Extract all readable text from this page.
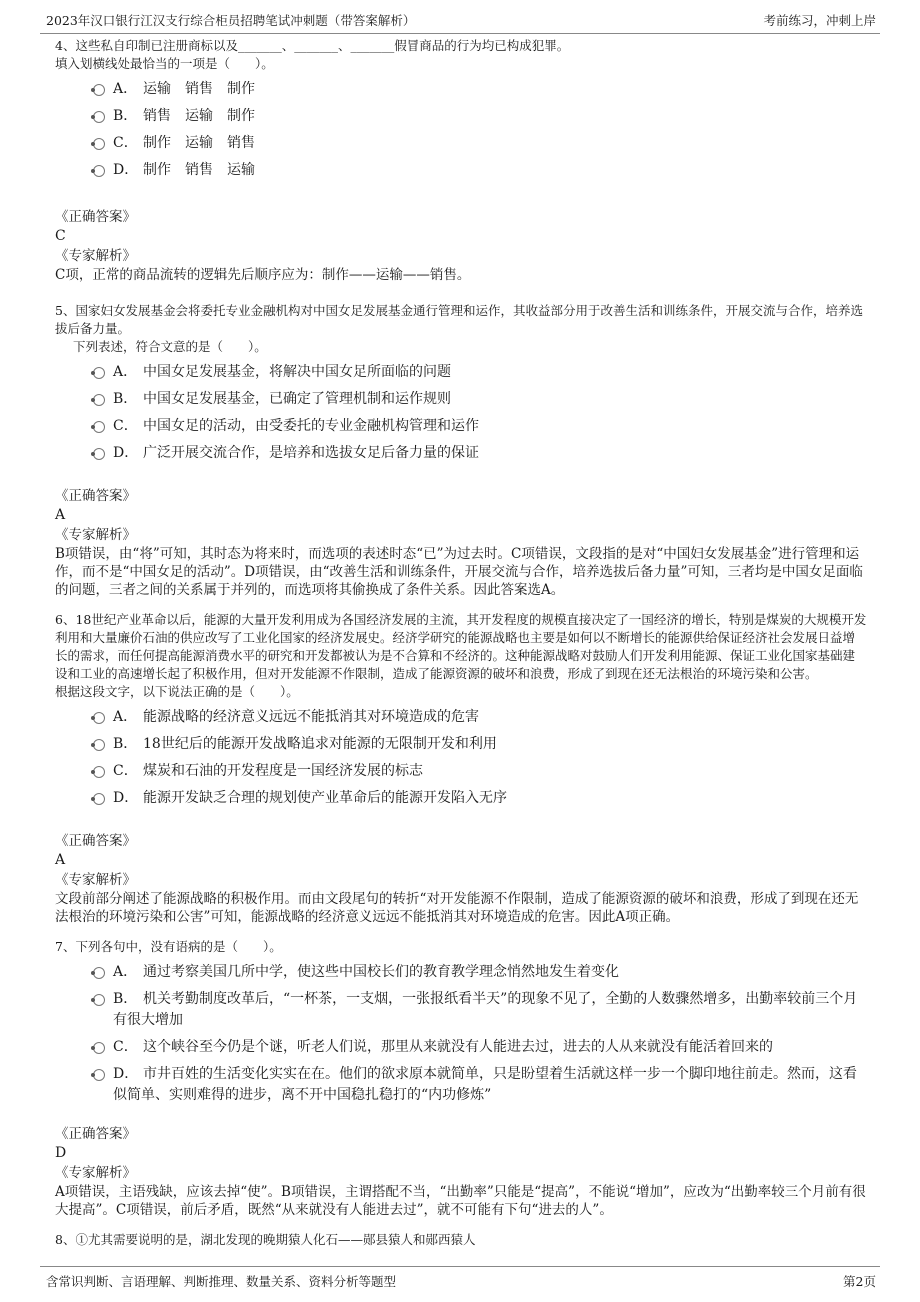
2023年汉口银行江汉支行综合柜员招聘笔试冲刺题（带答案解析）	考前练习，冲刺上岸

4、这些私自印制已注册商标以及_______、_______、_______假冒商品的行为均已构成犯罪。

填入划横线处最恰当的一项是（　　）。

A． 运输　销售　制作
B． 销售　运输　制作
C． 制作　运输　销售
D． 制作　销售　运输

《正确答案》

C

《专家解析》

C项，正常的商品流转的逻辑先后顺序应为：制作——运输——销售。

5、国家妇女发展基金会将委托专业金融机构对中国女足发展基金通行管理和运作，其收益部分用于改善生活和训练条件，开展交流与合作，培养选拔后备力量。

下列表述，符合文意的是（　　）。

A． 中国女足发展基金，将解决中国女足所面临的问题
B． 中国女足发展基金，已确定了管理机制和运作规则
C． 中国女足的活动，由受委托的专业金融机构管理和运作
D． 广泛开展交流合作，是培养和选拔女足后备力量的保证

《正确答案》

A

《专家解析》

B项错误，由“将”可知，其时态为将来时，而选项的表述时态“已”为过去时。C项错误，文段指的是对“中国妇女发展基金”进行管理和运作，而不是“中国女足的活动”。D项错误，由“改善生活和训练条件，开展交流与合作，培养选拔后备力量”可知，三者均是中国女足面临的问题，三者之间的关系属于并列的，而选项将其偷换成了条件关系。因此答案选A。

6、18世纪产业革命以后，能源的大量开发利用成为各国经济发展的主流，其开发程度的规模直接决定了一国经济的增长，特别是煤炭的大规模开发利用和大量廉价石油的供应改写了工业化国家的经济发展史。经济学研究的能源战略也主要是如何以不断增长的能源供给保证经济社会发展日益增长的需求，而任何提高能源消费水平的研究和开发都被认为是不合算和不经济的。这种能源战略对鼓励人们开发利用能源、保证工业化国家基础建设和工业的高速增长起了积极作用，但对开发能源不作限制，造成了能源资源的破坏和浪费，形成了到现在还无法根治的环境污染和公害。

根据这段文字，以下说法正确的是（　　）。

A． 能源战略的经济意义远远不能抵消其对环境造成的危害
B． 18世纪后的能源开发战略追求对能源的无限制开发和利用
C． 煤炭和石油的开发程度是一国经济发展的标志
D． 能源开发缺乏合理的规划使产业革命后的能源开发陷入无序

《正确答案》

A

《专家解析》

文段前部分阐述了能源战略的积极作用。而由文段尾句的转折“对开发能源不作限制，造成了能源资源的破坏和浪费，形成了到现在还无法根治的环境污染和公害”可知，能源战略的经济意义远远不能抵消其对环境造成的危害。因此A项正确。

7、下列各句中，没有语病的是（　　）。

A． 通过考察美国几所中学，使这些中国校长们的教育教学理念悄然地发生着变化
B． 机关考勤制度改革后，“一杯茶，一支烟，一张报纸看半天”的现象不见了，全勤的人数骤然增多，出勤率较前三个月有很大增加
C． 这个峡谷至今仍是个谜，听老人们说，那里从来就没有人能进去过，进去的人从来就没有能活着回来的
D． 市井百姓的生活变化实实在在。他们的欲求原本就简单，只是盼望着生活就这样一步一个脚印地往前走。然而，这看似简单、实则难得的进步，离不开中国稳扎稳打的“内功修炼”

《正确答案》

D

《专家解析》

A项错误，主语残缺，应该去掉“使”。B项错误，主谓搭配不当，“出勤率”只能是“提高”，不能说“增加”，应改为“出勤率较三个月前有很大提高”。C项错误，前后矛盾，既然“从来就没有人能进去过”，就不可能有下句“进去的人”。

8、①尤其需要说明的是，湖北发现的晚期猿人化石——郧县猿人和郧西猿人

含常识判断、言语理解、判断推理、数量关系、资料分析等题型	第2页
